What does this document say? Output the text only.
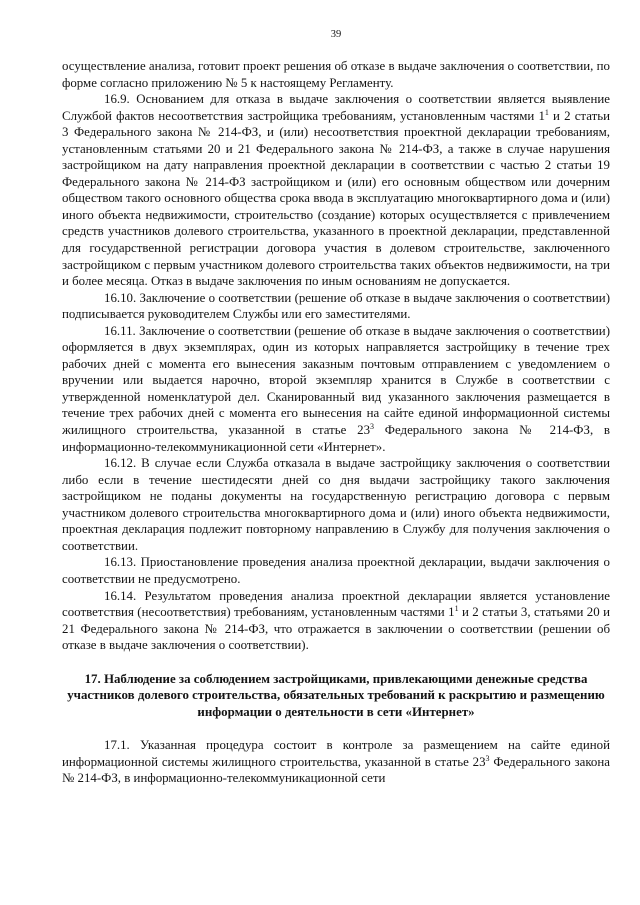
39

осуществление анализа, готовит проект решения об отказе в выдаче заключения о соответствии, по форме согласно приложению № 5 к настоящему Регламенту.

16.9. Основанием для отказа в выдаче заключения о соответствии является выявление Службой фактов несоответствия застройщика требованиям, установленным частями $1^1$ и 2 статьи 3 Федерального закона № 214-ФЗ, и (или) несоответствия проектной декларации требованиям, установленным статьями 20 и 21 Федерального закона № 214-ФЗ, а также в случае нарушения застройщиком на дату направления проектной декларации в соответствии с частью 2 статьи 19 Федерального закона № 214-ФЗ застройщиком и (или) его основным обществом или дочерним обществом такого основного общества срока ввода в эксплуатацию многоквартирного дома и (или) иного объекта недвижимости, строительство (создание) которых осуществляется с привлечением средств участников долевого строительства, указанного в проектной декларации, представленной для государственной регистрации договора участия в долевом строительстве, заключенного застройщиком с первым участником долевого строительства таких объектов недвижимости, на три и более месяца. Отказ в выдаче заключения по иным основаниям не допускается.

16.10. Заключение о соответствии (решение об отказе в выдаче заключения о соответствии) подписывается руководителем Службы или его заместителями.

16.11. Заключение о соответствии (решение об отказе в выдаче заключения о соответствии) оформляется в двух экземплярах, один из которых направляется застройщику в течение трех рабочих дней с момента его вынесения заказным почтовым отправлением с уведомлением о вручении или выдается нарочно, второй экземпляр хранится в Службе в соответствии с утвержденной номенклатурой дел. Сканированный вид указанного заключения размещается в течение трех рабочих дней с момента его вынесения на сайте единой информационной системы жилищного строительства, указанной в статье $23^3$ Федерального закона № 214-ФЗ, в информационно-телекоммуникационной сети «Интернет».

16.12. В случае если Служба отказала в выдаче застройщику заключения о соответствии либо если в течение шестидесяти дней со дня выдачи застройщику такого заключения застройщиком не поданы документы на государственную регистрацию договора с первым участником долевого строительства многоквартирного дома и (или) иного объекта недвижимости, проектная декларация подлежит повторному направлению в Службу для получения заключения о соответствии.

16.13. Приостановление проведения анализа проектной декларации, выдачи заключения о соответствии не предусмотрено.

16.14. Результатом проведения анализа проектной декларации является установление соответствия (несоответствия) требованиям, установленным частями $1^1$ и 2 статьи 3, статьями 20 и 21 Федерального закона № 214-ФЗ, что отражается в заключении о соответствии (решении об отказе в выдаче заключения о соответствии).

17. Наблюдение за соблюдением застройщиками, привлекающими денежные средства участников долевого строительства, обязательных требований к раскрытию и размещению информации о деятельности в сети «Интернет»

17.1. Указанная процедура состоит в контроле за размещением на сайте единой информационной системы жилищного строительства, указанной в статье $23^3$ Федерального закона № 214-ФЗ, в информационно-телекоммуникационной сети
